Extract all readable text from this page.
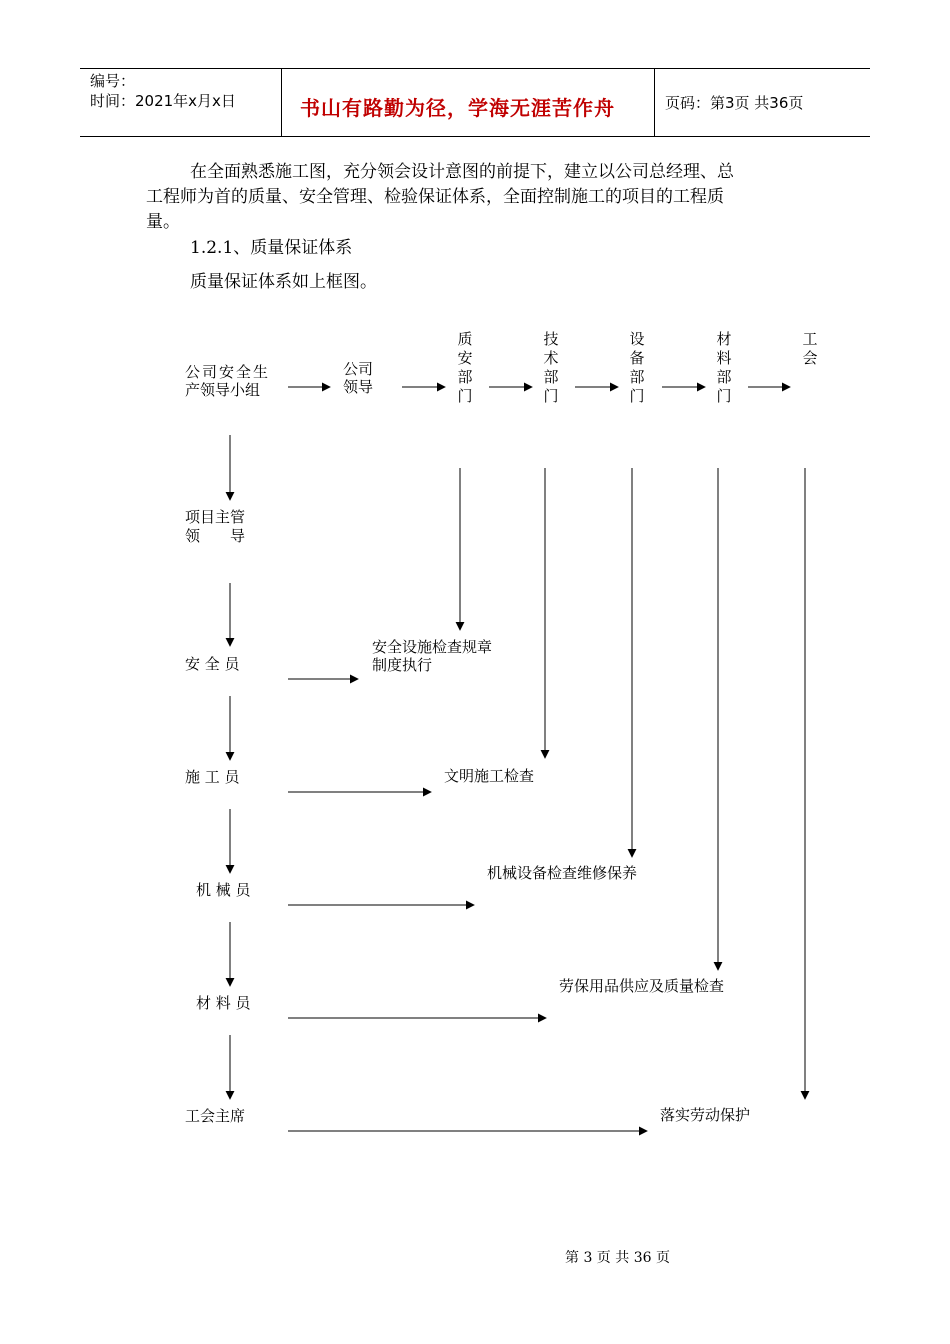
编号：
时间：2021年x月x日	书山有路勤为径，学海无涯苦作舟	页码：第3页 共36页
在全面熟悉施工图，充分领会设计意图的前提下，建立以公司总经理、总
工程师为首的质量、安全管理、检验保证体系，全面控制施工的项目的工程质
量。
1.2.1、质量保证体系
质量保证体系如上框图。
公司安全生
产领导小组
公司
领导
质安部门
技术部门
设备部门
材料部门
工会
项目主管
领　　导
安 全 员
施 工 员
机 械 员
材 料 员
工会主席
安全设施检查规章
制度执行
文明施工检查
机械设备检查维修保养
劳保用品供应及质量检查
落实劳动保护
第 3 页 共 36 页
